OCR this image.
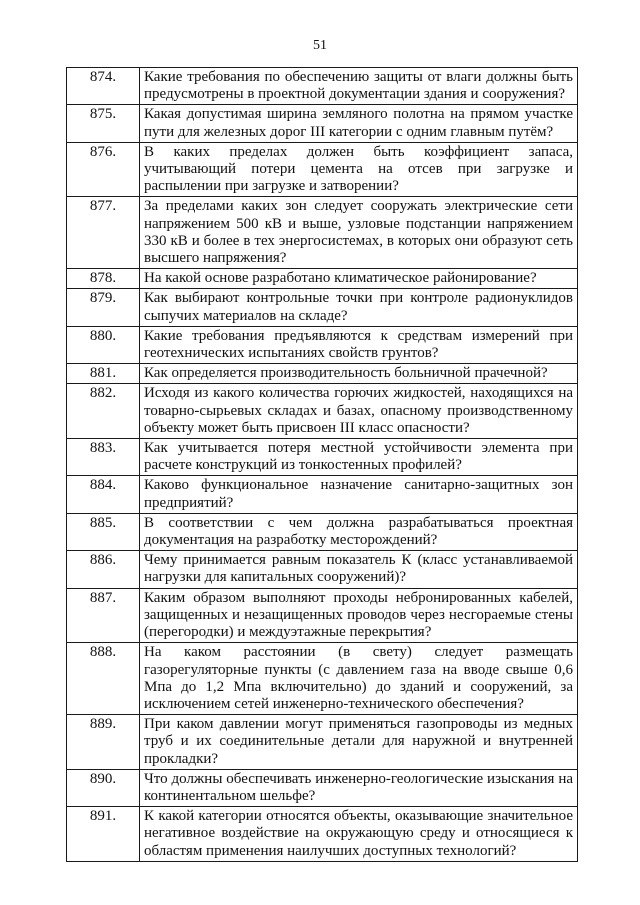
51
874.	Какие требования по обеспечению защиты от влаги должны быть предусмотрены в проектной документации здания и сооружения?
875.	Какая допустимая ширина земляного полотна на прямом участке пути для железных дорог III категории с одним главным путём?
876.	В каких пределах должен быть коэффициент запаса, учитывающий потери цемента на отсев при загрузке и распылении при загрузке и затворении?
877.	За пределами каких зон следует сооружать электрические сети напряжением 500 кВ и выше, узловые подстанции напряжением 330 кВ и более в тех энергосистемах, в которых они образуют сеть высшего напряжения?
878.	На какой основе разработано климатическое районирование?
879.	Как выбирают контрольные точки при контроле радионуклидов сыпучих материалов на складе?
880.	Какие требования предъявляются к средствам измерений при геотехнических испытаниях свойств грунтов?
881.	Как определяется производительность больничной прачечной?
882.	Исходя из какого количества горючих жидкостей, находящихся на товарно-сырьевых складах и базах, опасному производственному объекту может быть присвоен III класс опасности?
883.	Как учитывается потеря местной устойчивости элемента при расчете конструкций из тонкостенных профилей?
884.	Каково функциональное назначение санитарно-защитных зон предприятий?
885.	В соответствии с чем должна разрабатываться проектная документация на разработку месторождений?
886.	Чему принимается равным показатель К (класс устанавливаемой нагрузки для капитальных сооружений)?
887.	Каким образом выполняют проходы небронированных кабелей, защищенных и незащищенных проводов через несгораемые стены (перегородки) и междуэтажные перекрытия?
888.	На каком расстоянии (в свету) следует размещать газорегуляторные пункты (с давлением газа на вводе свыше 0,6 Мпа до 1,2 Мпа включительно) до зданий и сооружений, за исключением сетей инженерно-технического обеспечения?
889.	При каком давлении могут применяться газопроводы из медных труб и их соединительные детали для наружной и внутренней прокладки?
890.	Что должны обеспечивать инженерно-геологические изыскания на континентальном шельфе?
891.	К какой категории относятся объекты, оказывающие значительное негативное воздействие на окружающую среду и относящиеся к областям применения наилучших доступных технологий?
